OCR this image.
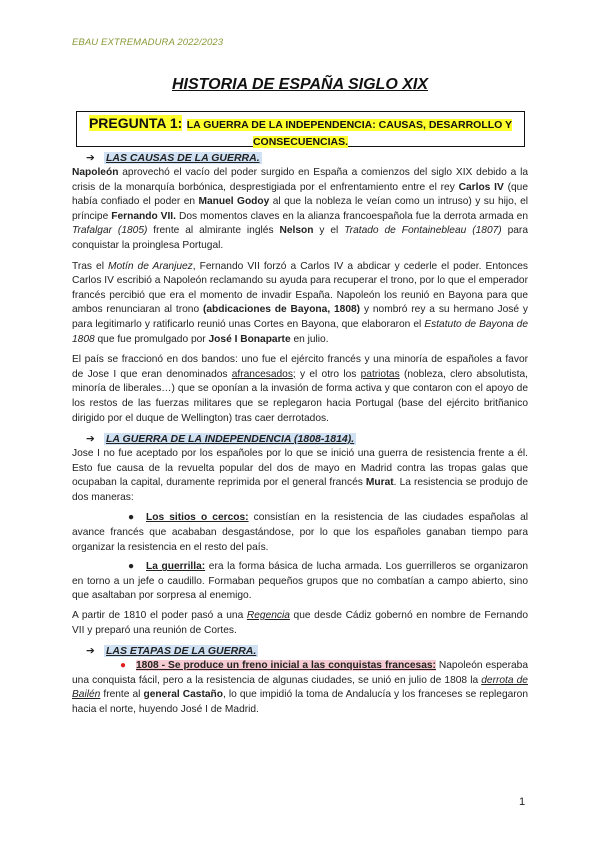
EBAU EXTREMADURA 2022/2023
HISTORIA DE ESPAÑA SIGLO XIX
PREGUNTA 1: LA GUERRA DE LA INDEPENDENCIA: CAUSAS, DESARROLLO Y CONSECUENCIAS.
➔ LAS CAUSAS DE LA GUERRA.

Napoleón aprovechó el vacío del poder surgido en España a comienzos del siglo XIX debido a la crisis de la monarquía borbónica, desprestigiada por el enfrentamiento entre el rey Carlos IV (que había confiado el poder en Manuel Godoy al que la nobleza le veían como un intruso) y su hijo, el príncipe Fernando VII. Dos momentos claves en la alianza francoespañola fue la derrota armada en Trafalgar (1805) frente al almirante inglés Nelson y el Tratado de Fontainebleau (1807) para conquistar la proinglesa Portugal.

Tras el Motín de Aranjuez, Fernando VII forzó a Carlos IV a abdicar y cederle el poder. Entonces Carlos IV escribió a Napoleón reclamando su ayuda para recuperar el trono, por lo que el emperador francés percibió que era el momento de invadir España. Napoleón los reunió en Bayona para que ambos renunciaran al trono (abdicaciones de Bayona, 1808) y nombró rey a su hermano José y para legitimarlo y ratificarlo reunió unas Cortes en Bayona, que elaboraron el Estatuto de Bayona de 1808 que fue promulgado por José I Bonaparte en julio.

El país se fraccionó en dos bandos: uno fue el ejército francés y una minoría de españoles a favor de Jose I que eran denominados afrancesados; y el otro los patriotas (nobleza, clero absolutista, minoría de liberales…) que se oponían a la invasión de forma activa y que contaron con el apoyo de los restos de las fuerzas militares que se replegaron hacia Portugal (base del ejército britñanico dirigido por el duque de Wellington) tras caer derrotados.

➔ LA GUERRA DE LA INDEPENDENCIA (1808-1814).

Jose I no fue aceptado por los españoles por lo que se inició una guerra de resistencia frente a él. Esto fue causa de la revuelta popular del dos de mayo en Madrid contra las tropas galas que ocupaban la capital, duramente reprimida por el general francés Murat. La resistencia se produjo de dos maneras:

● Los sitios o cercos: consistían en la resistencia de las ciudades españolas al avance francés que acababan desgastándose, por lo que los españoles ganaban tiempo para organizar la resistencia en el resto del país.

● La guerrilla: era la forma básica de lucha armada. Los guerrilleros se organizaron en torno a un jefe o caudillo. Formaban pequeños grupos que no combatían a campo abierto, sino que asaltaban por sorpresa al enemigo.

A partir de 1810 el poder pasó a una Regencia que desde Cádiz gobernó en nombre de Fernando VII y preparó una reunión de Cortes.

➔ LAS ETAPAS DE LA GUERRA.

● 1808 - Se produce un freno inicial a las conquistas francesas: Napoleón esperaba una conquista fácil, pero a la resistencia de algunas ciudades, se unió en julio de 1808 la derrota de Bailén frente al general Castaño, lo que impidió la toma de Andalucía y los franceses se replegaron hacia el norte, huyendo José I de Madrid.

1
